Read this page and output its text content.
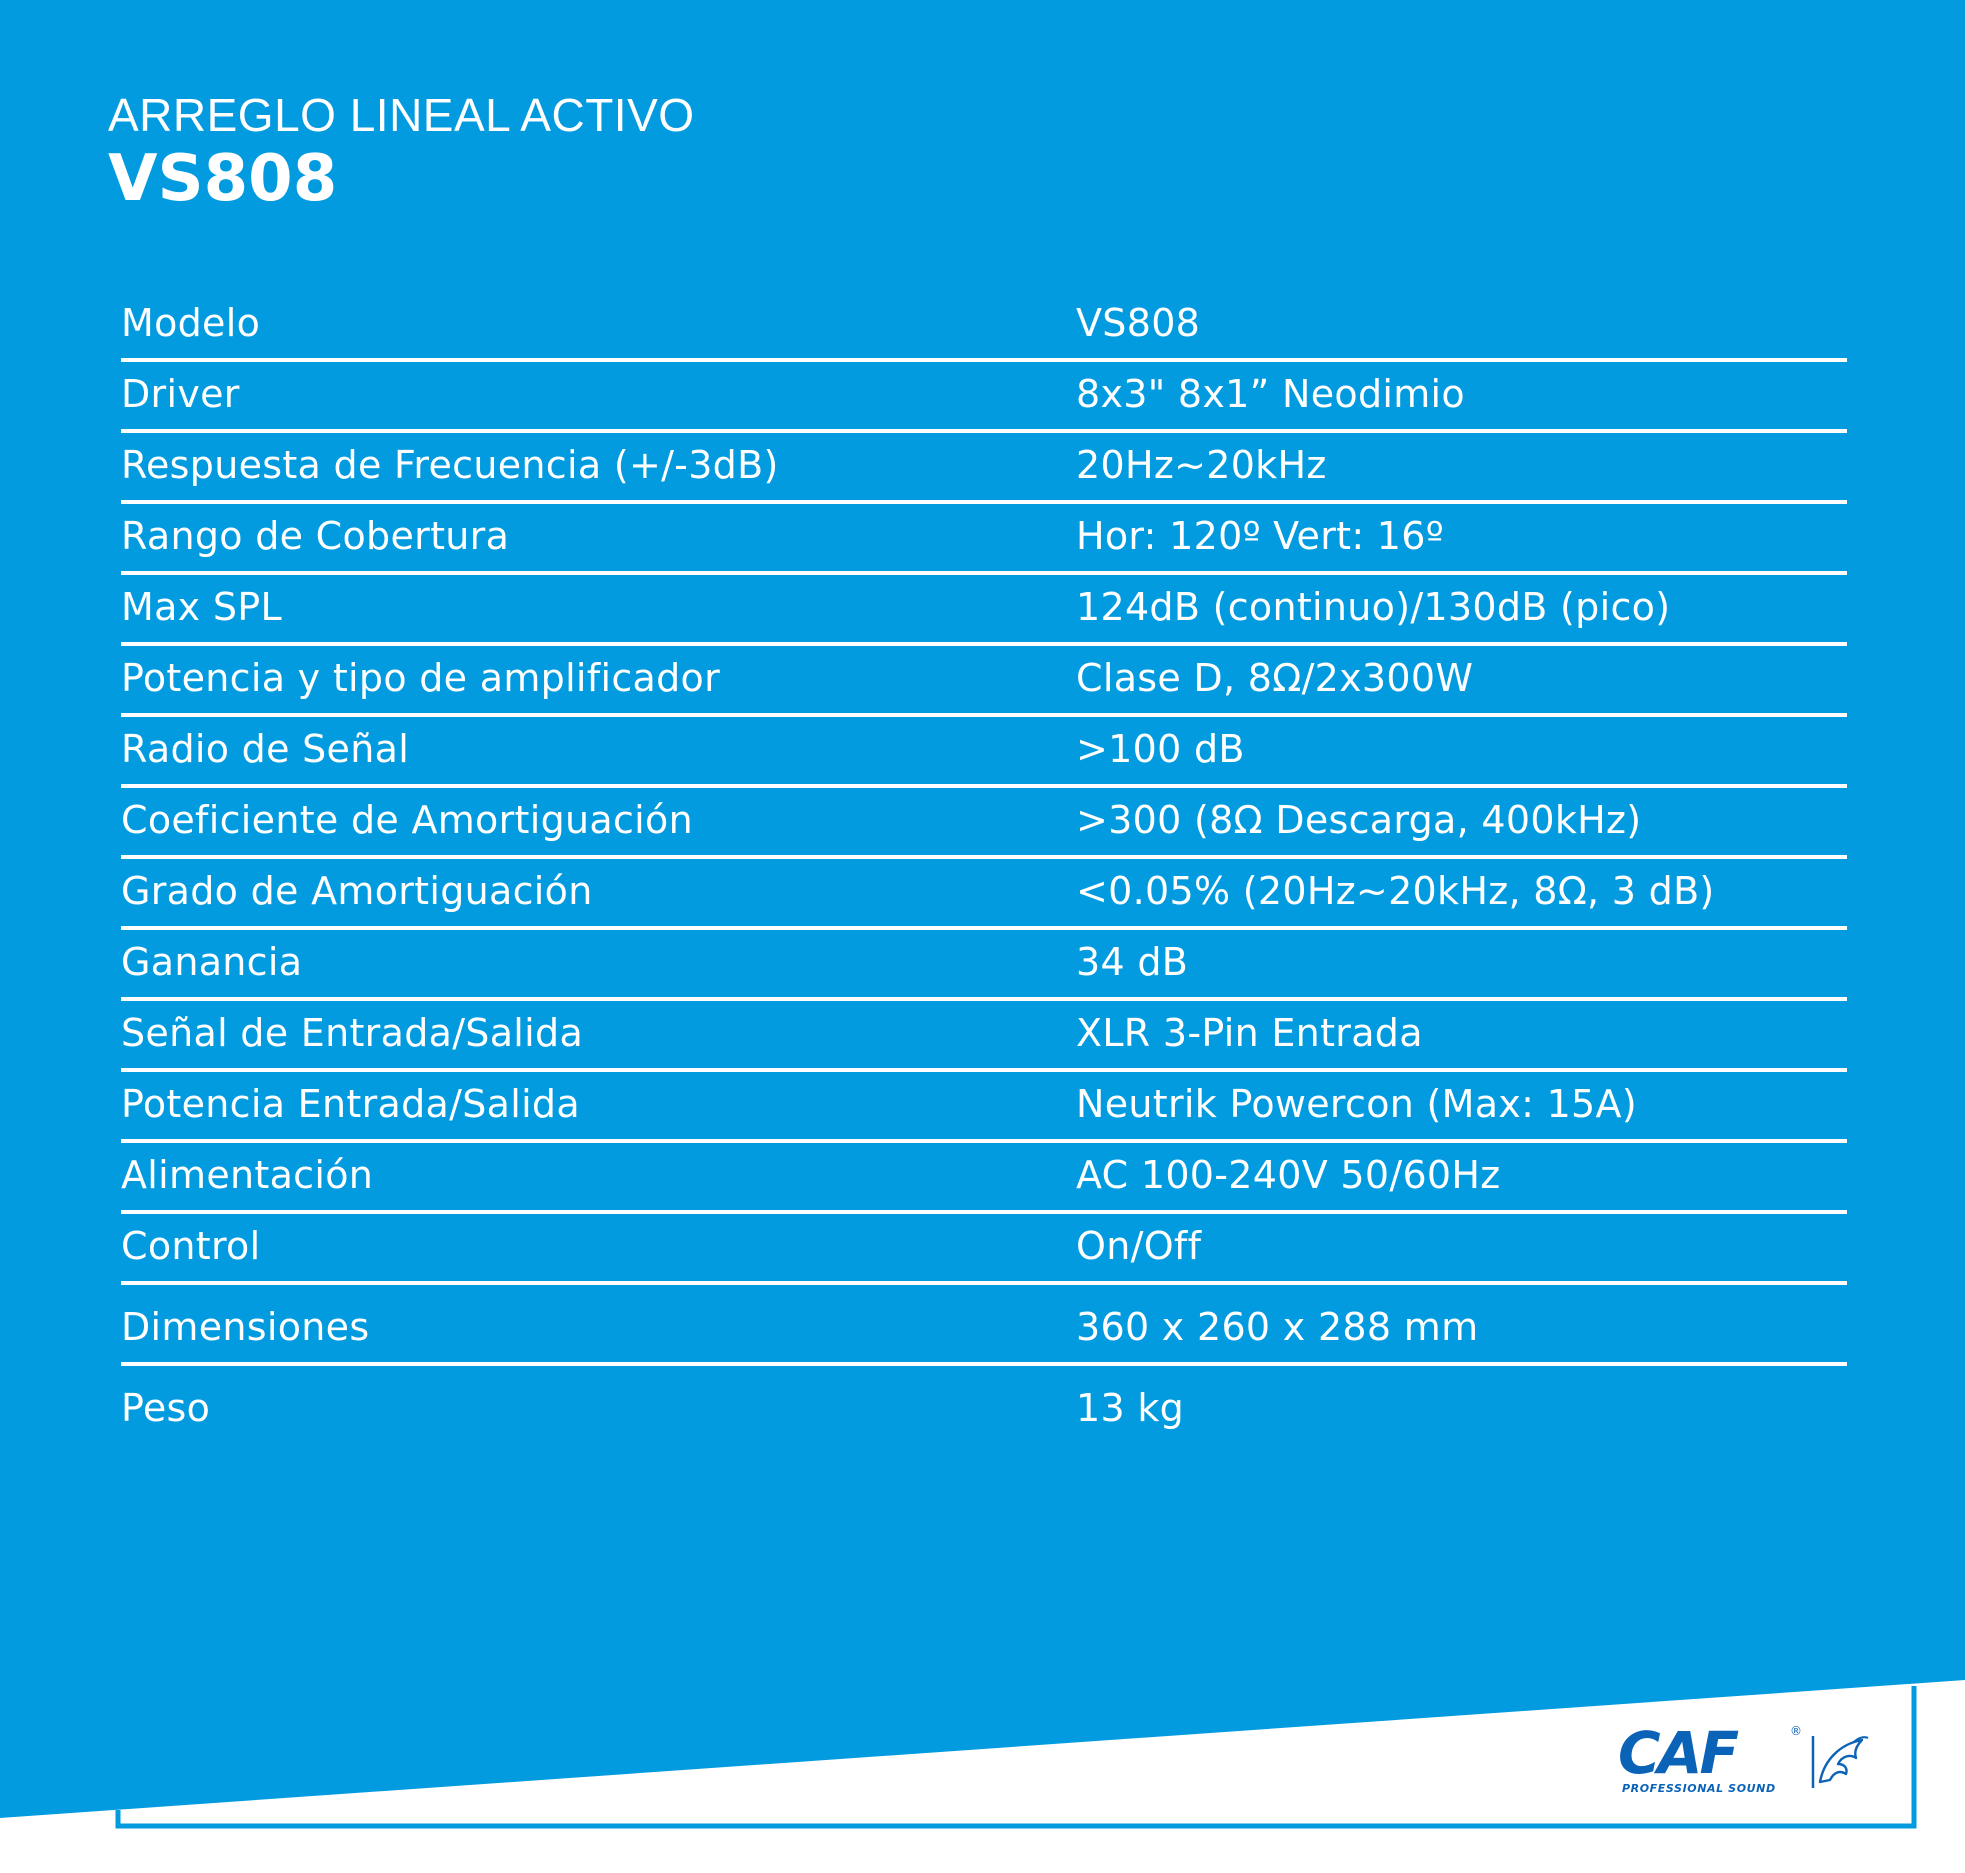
ARREGLO LINEAL ACTIVO
VS808
Modelo	VS808
Driver	8x3" 8x1” Neodimio
Respuesta de Frecuencia (+/-3dB)	20Hz~20kHz
Rango de Cobertura	Hor: 120º Vert: 16º
Max SPL	124dB (continuo)/130dB (pico)
Potencia y tipo de amplificador	Clase D, 8Ω/2x300W
Radio de Señal	>100 dB
Coeficiente de Amortiguación	>300 (8Ω Descarga, 400kHz)
Grado de Amortiguación	<0.05% (20Hz~20kHz, 8Ω, 3 dB)
Ganancia	34 dB
Señal de Entrada/Salida	XLR 3-Pin Entrada
Potencia Entrada/Salida	Neutrik Powercon (Max: 15A)
Alimentación	AC 100-240V 50/60Hz
Control	On/Off
Dimensiones	360 x 260 x 288 mm
Peso	13 kg
CAF	®
PROFESSIONAL SOUND
